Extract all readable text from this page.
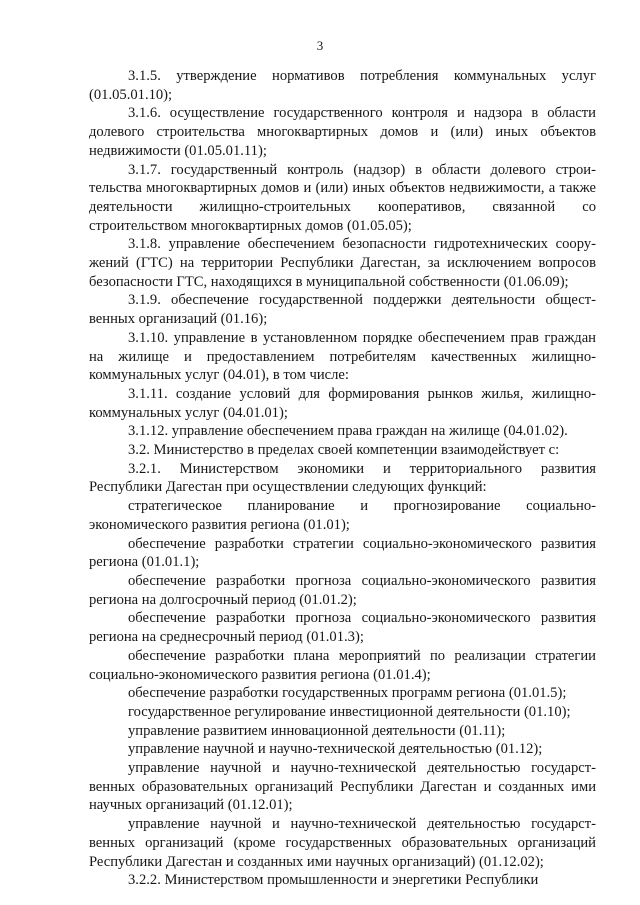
3

3.1.5. утверждение нормативов потребления коммунальных услуг (01.05.01.10);

3.1.6. осуществление государственного контроля и надзора в области долевого строительства многоквартирных домов и (или) иных объектов недвижимости (01.05.01.11);

3.1.7. государственный контроль (надзор) в области долевого строительства многоквартирных домов и (или) иных объектов недвижимости, а также деятельности жилищно-строительных кооперативов, связанной со строительством многоквартирных домов (01.05.05);

3.1.8. управление обеспечением безопасности гидротехнических сооружений (ГТС) на территории Республики Дагестан, за исключением вопросов безопасности ГТС, находящихся в муниципальной собственности (01.06.09);

3.1.9. обеспечение государственной поддержки деятельности общественных организаций (01.16);

3.1.10. управление в установленном порядке обеспечением прав граждан на жилище и предоставлением потребителям качественных жилищно-коммунальных услуг (04.01), в том числе:

3.1.11. создание условий для формирования рынков жилья, жилищно-коммунальных услуг (04.01.01);

3.1.12. управление обеспечением права граждан на жилище (04.01.02).

3.2. Министерство в пределах своей компетенции взаимодействует с:

3.2.1. Министерством экономики и территориального развития Республики Дагестан при осуществлении следующих функций:

стратегическое планирование и прогнозирование социально-экономического развития региона (01.01);

обеспечение разработки стратегии социально-экономического развития региона (01.01.1);

обеспечение разработки прогноза социально-экономического развития региона на долгосрочный период (01.01.2);

обеспечение разработки прогноза социально-экономического развития региона на среднесрочный период (01.01.3);

обеспечение разработки плана мероприятий по реализации стратегии социально-экономического развития региона (01.01.4);

обеспечение разработки государственных программ региона (01.01.5);

государственное регулирование инвестиционной деятельности (01.10);

управление развитием инновационной деятельности (01.11);

управление научной и научно-технической деятельностью (01.12);

управление научной и научно-технической деятельностью государственных образовательных организаций Республики Дагестан и созданных ими научных организаций (01.12.01);

управление научной и научно-технической деятельностью государственных организаций (кроме государственных образовательных организаций Республики Дагестан и созданных ими научных организаций) (01.12.02);

3.2.2. Министерством промышленности и энергетики Республики
